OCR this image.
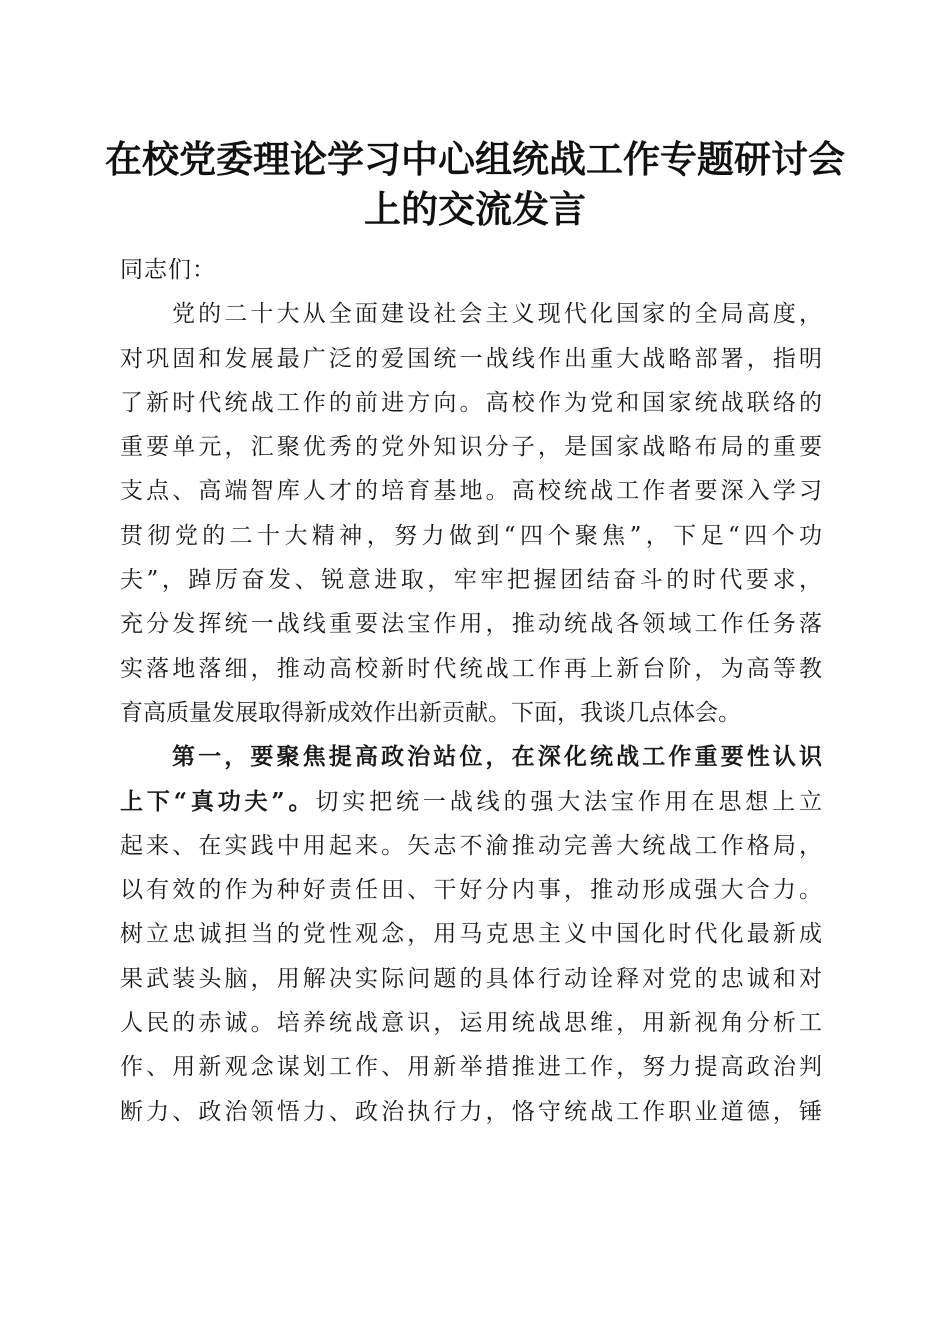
在校党委理论学习中心组统战工作专题研讨会
上的交流发言
同志们：
党的二十大从全面建设社会主义现代化国家的全局高度，
对巩固和发展最广泛的爱国统一战线作出重大战略部署，指明
了新时代统战工作的前进方向。高校作为党和国家统战联络的
重要单元，汇聚优秀的党外知识分子，是国家战略布局的重要
支点、高端智库人才的培育基地。高校统战工作者要深入学习
贯彻党的二十大精神，努力做到“四个聚焦”，下足“四个功
夫”，踔厉奋发、锐意进取，牢牢把握团结奋斗的时代要求，
充分发挥统一战线重要法宝作用，推动统战各领域工作任务落
实落地落细，推动高校新时代统战工作再上新台阶，为高等教
育高质量发展取得新成效作出新贡献。下面，我谈几点体会。
第一，要聚焦提高政治站位，在深化统战工作重要性认识
上下“真功夫”。切实把统一战线的强大法宝作用在思想上立
起来、在实践中用起来。矢志不渝推动完善大统战工作格局，
以有效的作为种好责任田、干好分内事，推动形成强大合力。
树立忠诚担当的党性观念，用马克思主义中国化时代化最新成
果武装头脑，用解决实际问题的具体行动诠释对党的忠诚和对
人民的赤诚。培养统战意识，运用统战思维，用新视角分析工
作、用新观念谋划工作、用新举措推进工作，努力提高政治判
断力、政治领悟力、政治执行力，恪守统战工作职业道德，锤
